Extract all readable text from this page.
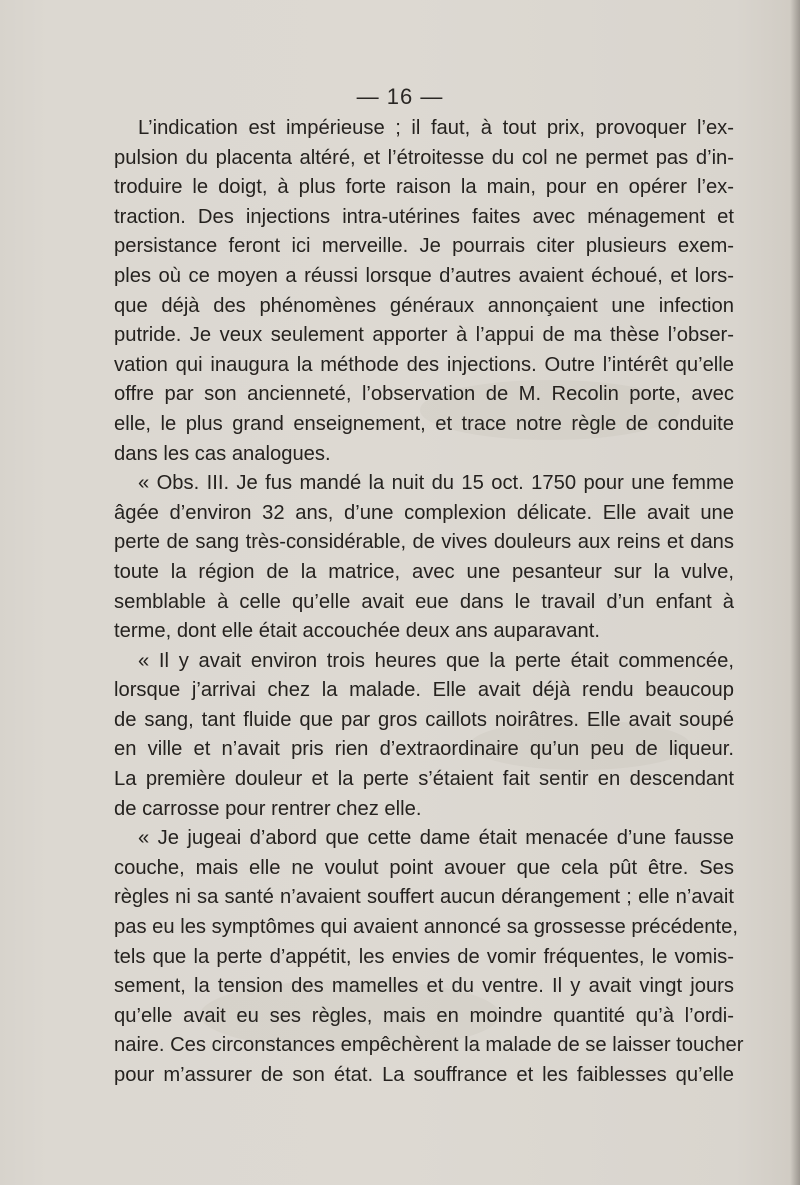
— 16 —
L’indication est impérieuse ; il faut, à tout prix, provoquer l’ex-
pulsion du placenta altéré, et l’étroitesse du col ne permet pas d’in-
troduire le doigt, à plus forte raison la main, pour en opérer l’ex-
traction. Des injections intra-utérines faites avec ménagement et
persistance feront ici merveille. Je pourrais citer plusieurs exem-
ples où ce moyen a réussi lorsque d’autres avaient échoué, et lors-
que déjà des phénomènes généraux annonçaient une infection
putride. Je veux seulement apporter à l’appui de ma thèse l’obser-
vation qui inaugura la méthode des injections. Outre l’intérêt qu’elle
offre par son ancienneté, l’observation de M. Recolin porte, avec
elle, le plus grand enseignement, et trace notre règle de conduite
dans les cas analogues.
« Obs. III. Je fus mandé la nuit du 15 oct. 1750 pour une femme
âgée d’environ 32 ans, d’une complexion délicate. Elle avait une
perte de sang très-considérable, de vives douleurs aux reins et dans
toute la région de la matrice, avec une pesanteur sur la vulve,
semblable à celle qu’elle avait eue dans le travail d’un enfant à
terme, dont elle était accouchée deux ans auparavant.
« Il y avait environ trois heures que la perte était commencée,
lorsque j’arrivai chez la malade. Elle avait déjà rendu beaucoup
de sang, tant fluide que par gros caillots noirâtres. Elle avait soupé
en ville et n’avait pris rien d’extraordinaire qu’un peu de liqueur.
La première douleur et la perte s’étaient fait sentir en descendant
de carrosse pour rentrer chez elle.
« Je jugeai d’abord que cette dame était menacée d’une fausse
couche, mais elle ne voulut point avouer que cela pût être. Ses
règles ni sa santé n’avaient souffert aucun dérangement ; elle n’avait
pas eu les symptômes qui avaient annoncé sa grossesse précédente,
tels que la perte d’appétit, les envies de vomir fréquentes, le vomis-
sement, la tension des mamelles et du ventre. Il y avait vingt jours
qu’elle avait eu ses règles, mais en moindre quantité qu’à l’ordi-
naire. Ces circonstances empêchèrent la malade de se laisser toucher
pour m’assurer de son état. La souffrance et les faiblesses qu’elle
